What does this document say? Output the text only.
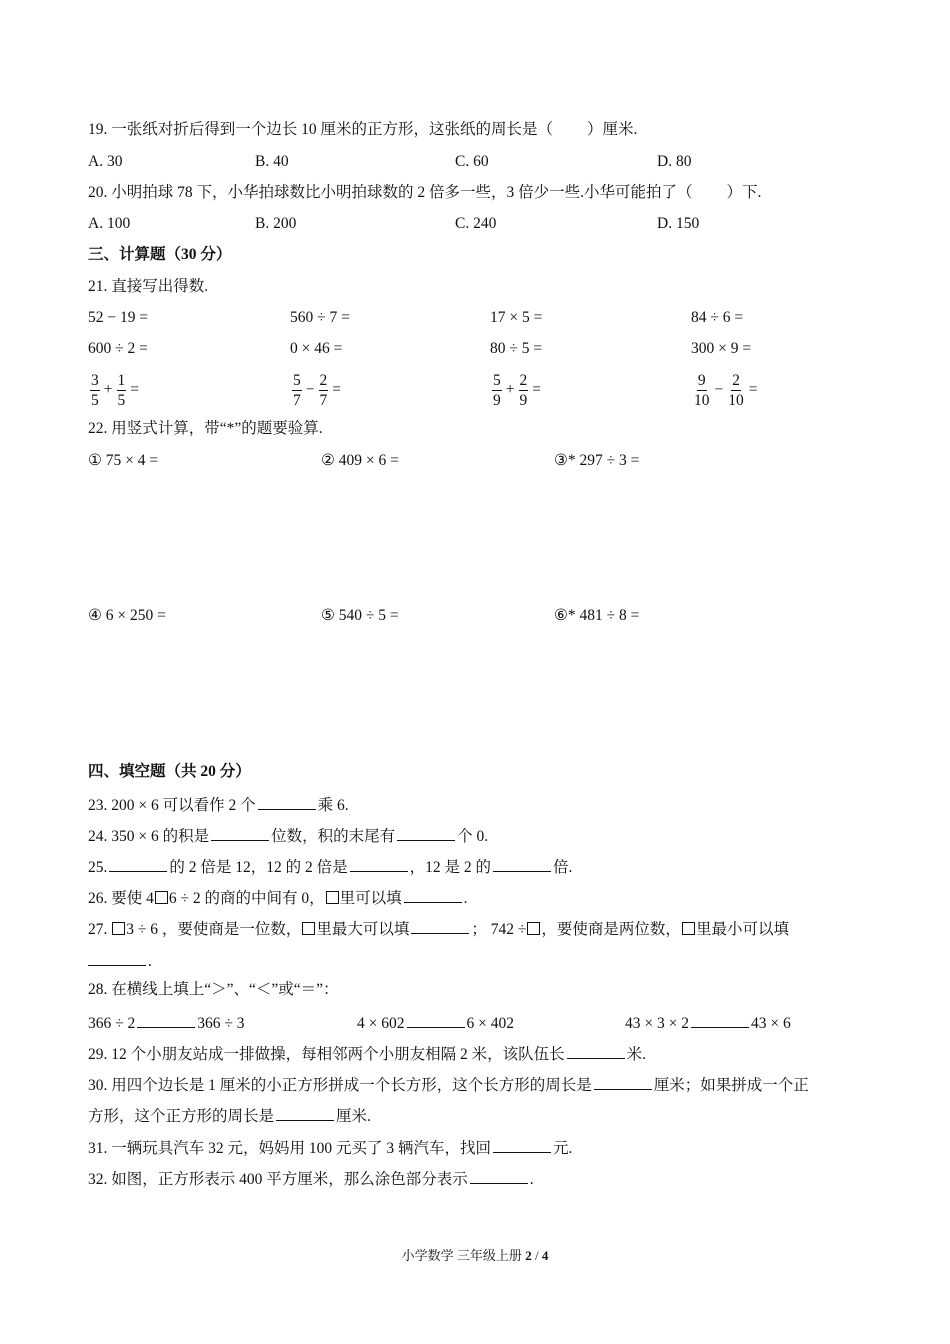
19. 一张纸对折后得到一个边长 10 厘米的正方形，这张纸的周长是（ ）厘米.
A. 30	B. 40	C. 60	D. 80
20. 小明拍球 78 下，小华拍球数比小明拍球数的 2 倍多一些，3 倍少一些.小华可能拍了（ ）下.
A. 100	B. 200	C. 240	D. 150
三、计算题（30 分）
21. 直接写出得数.
52 − 19 =	560 ÷ 7 =	17 × 5 =	84 ÷ 6 =
600 ÷ 2 =	0 × 46 =	80 ÷ 5 =	300 × 9 =
$\frac{3}{5} + \frac{1}{5}$ =	$\frac{5}{7} - \frac{2}{7}$ =	$\frac{5}{9} + \frac{2}{9}$ =	$\frac{9}{10} - \frac{2}{10}$ =
22. 用竖式计算，带“*”的题要验算.
① 75 × 4 =	② 409 × 6 =	③* 297 ÷ 3 =
④ 6 × 250 =	⑤ 540 ÷ 5 =	⑥* 481 ÷ 8 =
四、填空题（共 20 分）
23. 200 × 6 可以看作 2 个	乘 6.
24. 350 × 6 的积是	位数，积的末尾有	个 0.
25.	的 2 倍是 12，12 的 2 倍是	，12 是 2 的	倍.
26. 要使 4 6 ÷ 2 的商的中间有 0， 里可以填	.
27. 3 ÷ 6 ，要使商是一位数， 里最大可以填	； 742 ÷ ，要使商是两位数， 里最小可以填
.
28. 在横线上填上“＞”、“＜”或“＝”：
366 ÷ 2	366 ÷ 3	4 × 602	6 × 402	43 × 3 × 2	43 × 6
29. 12 个小朋友站成一排做操，每相邻两个小朋友相隔 2 米，该队伍长	米.
30. 用四个边长是 1 厘米的小正方形拼成一个长方形，这个长方形的周长是	厘米；如果拼成一个正
方形，这个正方形的周长是	厘米.
31. 一辆玩具汽车 32 元，妈妈用 100 元买了 3 辆汽车，找回	元.
32. 如图，正方形表示 400 平方厘米，那么涂色部分表示	.
小学数学 三年级上册 2 / 4
